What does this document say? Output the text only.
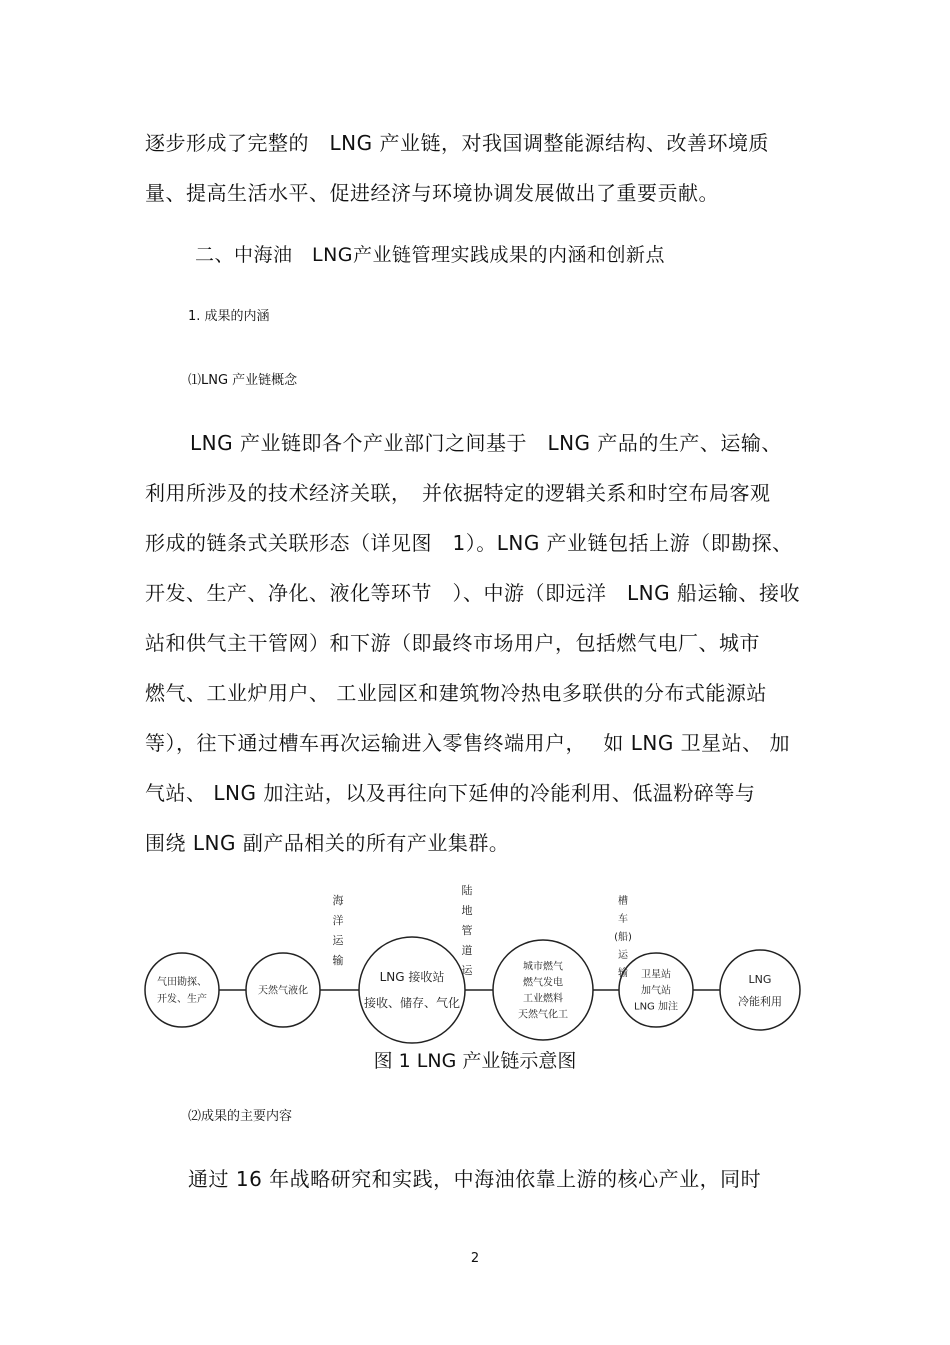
逐步形成了完整的　LNG 产业链，对我国调整能源结构、改善环境质
量、提高生活水平、促进经济与环境协调发展做出了重要贡献。
二、中海油　LNG产业链管理实践成果的内涵和创新点
1. 成果的内涵
⑴LNG 产业链概念
LNG 产业链即各个产业部门之间基于　LNG 产品的生产、运输、
利用所涉及的技术经济关联，　并依据特定的逻辑关系和时空布局客观
形成的链条式关联形态（详见图　1）。LNG 产业链包括上游（即勘探、
开发、生产、净化、液化等环节　）、中游（即远洋　LNG 船运输、接收
站和供气主干管网）和下游（即最终市场用户，包括燃气电厂、城市
燃气、工业炉用户、 工业园区和建筑物冷热电多联供的分布式能源站
等），往下通过槽车再次运输进入零售终端用户，　 如 LNG 卫星站、 加
气站、 LNG 加注站，以及再往向下延伸的冷能利用、低温粉碎等与
围绕 LNG 副产品相关的所有产业集群。
气田勘探、
开发、生产
天然气液化
LNG 接收站
接收、储存、气化
城市燃气
燃气发电
工业燃料
天然气化工
卫星站
加气站
LNG 加注
LNG
冷能利用
海
洋
运
输
陆
地
管
道
运
槽
车
(船)
运
输
图 1 LNG 产业链示意图
⑵成果的主要内容
通过 16 年战略研究和实践，中海油依靠上游的核心产业，同时
2
